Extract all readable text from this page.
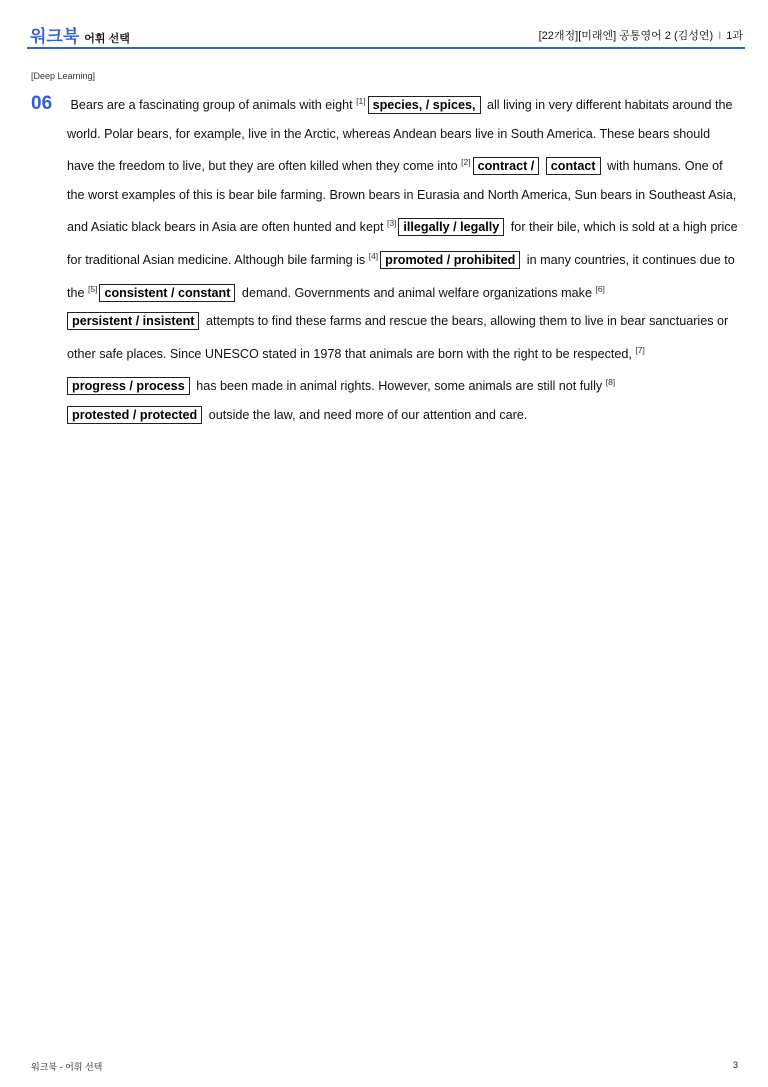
워크북 어휘 선택	[22개정][미래엔] 공통영어 2 (김성연) I 1과
[Deep Learning]
06 Bears are a fascinating group of animals with eight [1] species, / spices, all living in very different habitats around the world. Polar bears, for example, live in the Arctic, whereas Andean bears live in South America. These bears should have the freedom to live, but they are often killed when they come into [2] contract / contact with humans. One of the worst examples of this is bear bile farming. Brown bears in Eurasia and North America, Sun bears in Southeast Asia, and Asiatic black bears in Asia are often hunted and kept [3] illegally / legally for their bile, which is sold at a high price for traditional Asian medicine. Although bile farming is [4] promoted / prohibited in many countries, it continues due to the [5] consistent / constant demand. Governments and animal welfare organizations make [6]persistent / insistent attempts to find these farms and rescue the bears, allowing them to live in bear sanctuaries or other safe places. Since UNESCO stated in 1978 that animals are born with the right to be respected, [7]progress / process has been made in animal rights. However, some animals are still not fully [8]protested / protected outside the law, and need more of our attention and care.
워크북 - 어휘 선택	3
